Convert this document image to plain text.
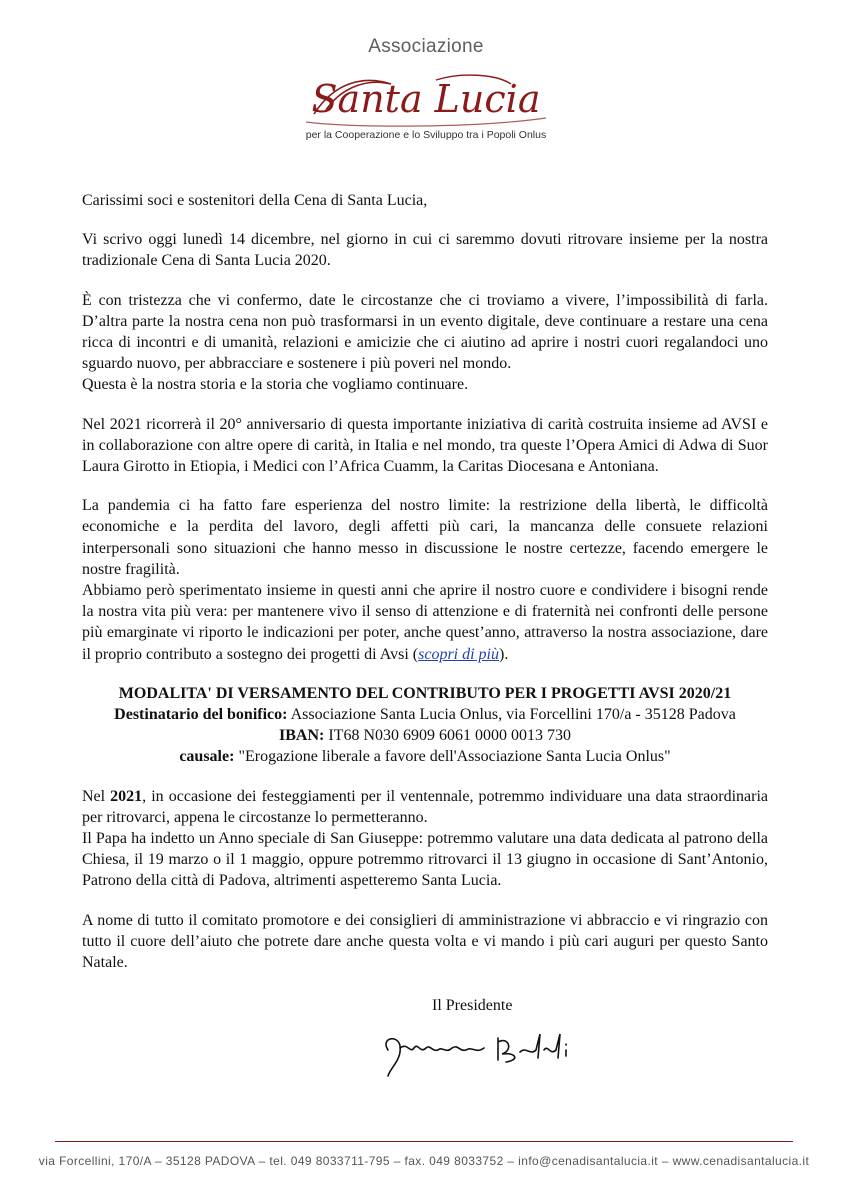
Associazione
Santa Lucia
per la Cooperazione e lo Sviluppo tra i Popoli Onlus

Carissimi soci e sostenitori della Cena di Santa Lucia,

Vi scrivo oggi lunedì 14 dicembre, nel giorno in cui ci saremmo dovuti ritrovare insieme per la nostra tradizionale Cena di Santa Lucia 2020.

È con tristezza che vi confermo, date le circostanze che ci troviamo a vivere, l’impossibilità di farla. D’altra parte la nostra cena non può trasformarsi in un evento digitale, deve continuare a restare una cena ricca di incontri e di umanità, relazioni e amicizie che ci aiutino ad aprire i nostri cuori regalandoci uno sguardo nuovo, per abbracciare e sostenere i più poveri nel mondo.

Questa è la nostra storia e la storia che vogliamo continuare.

Nel 2021 ricorrerà il 20° anniversario di questa importante iniziativa di carità costruita insieme ad AVSI e in collaborazione con altre opere di carità, in Italia e nel mondo, tra queste l’Opera Amici di Adwa di Suor Laura Girotto in Etiopia, i Medici con l’Africa Cuamm, la Caritas Diocesana e Antoniana.

La pandemia ci ha fatto fare esperienza del nostro limite: la restrizione della libertà, le difficoltà economiche e la perdita del lavoro, degli affetti più cari, la mancanza delle consuete relazioni interpersonali sono situazioni che hanno messo in discussione le nostre certezze, facendo emergere le nostre fragilità.

Abbiamo però sperimentato insieme in questi anni che aprire il nostro cuore e condividere i bisogni rende la nostra vita più vera: per mantenere vivo il senso di attenzione e di fraternità nei confronti delle persone più emarginate vi riporto le indicazioni per poter, anche quest’anno, attraverso la nostra associazione, dare il proprio contributo a sostegno dei progetti di Avsi (scopri di più).

MODALITA' DI VERSAMENTO DEL CONTRIBUTO PER I PROGETTI AVSI 2020/21
Destinatario del bonifico: Associazione Santa Lucia Onlus, via Forcellini 170/a - 35128 Padova
IBAN: IT68 N030 6909 6061 0000 0013 730
causale: "Erogazione liberale a favore dell'Associazione Santa Lucia Onlus"

Nel 2021, in occasione dei festeggiamenti per il ventennale, potremmo individuare una data straordinaria per ritrovarci, appena le circostanze lo permetteranno.

Il Papa ha indetto un Anno speciale di San Giuseppe: potremmo valutare una data dedicata al patrono della Chiesa, il 19 marzo o il 1 maggio, oppure potremmo ritrovarci il 13 giugno in occasione di Sant’Antonio, Patrono della città di Padova, altrimenti aspetteremo Santa Lucia.

A nome di tutto il comitato promotore e dei consiglieri di amministrazione vi abbraccio e vi ringrazio con tutto il cuore dell’aiuto che potrete dare anche questa volta e vi mando i più cari auguri per questo Santo Natale.

Il Presidente
via Forcellini, 170/A – 35128 PADOVA – tel. 049 8033711-795 – fax. 049 8033752 – info@cenadisantalucia.it – www.cenadisantalucia.it
